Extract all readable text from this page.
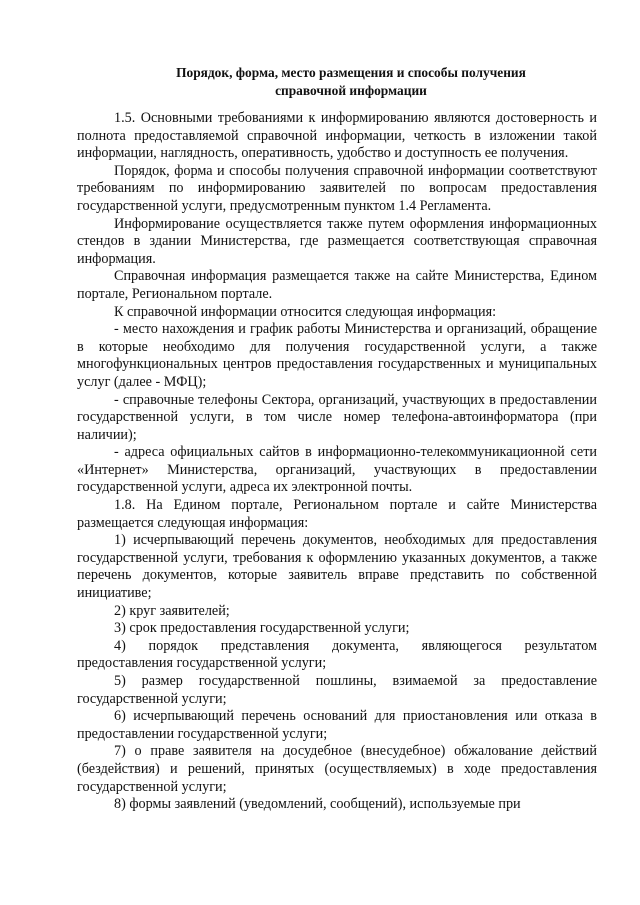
Порядок, форма, место размещения и способы получения
справочной информации

1.5. Основными требованиями к информированию являются достоверность и полнота предоставляемой справочной информации, четкость в изложении такой информации, наглядность, оперативность, удобство и доступность ее получения.

Порядок, форма и способы получения справочной информации соответствуют требованиям по информированию заявителей по вопросам предоставления государственной услуги, предусмотренным пунктом 1.4 Регламента.

Информирование осуществляется также путем оформления информационных стендов в здании Министерства, где размещается соответствующая справочная информация.

Справочная информация размещается также на сайте Министерства, Едином портале, Региональном портале.

К справочной информации относится следующая информация:

- место нахождения и график работы Министерства и организаций, обращение в которые необходимо для получения государственной услуги, а также многофункциональных центров предоставления государственных и муниципальных услуг (далее - МФЦ);

- справочные телефоны Сектора, организаций, участвующих в предоставлении государственной услуги, в том числе номер телефона-автоинформатора (при наличии);

- адреса официальных сайтов в информационно-телекоммуникационной сети «Интернет» Министерства, организаций, участвующих в предоставлении государственной услуги, адреса их электронной почты.

1.8. На Едином портале, Региональном портале и сайте Министерства размещается следующая информация:

1) исчерпывающий перечень документов, необходимых для предоставления государственной услуги, требования к оформлению указанных документов, а также перечень документов, которые заявитель вправе представить по собственной инициативе;

2) круг заявителей;

3) срок предоставления государственной услуги;

4) порядок представления документа, являющегося результатом предоставления государственной услуги;

5) размер государственной пошлины, взимаемой за предоставление государственной услуги;

6) исчерпывающий перечень оснований для приостановления или отказа в предоставлении государственной услуги;

7) о праве заявителя на досудебное (внесудебное) обжалование действий (бездействия) и решений, принятых (осуществляемых) в ходе предоставления государственной услуги;

8) формы заявлений (уведомлений, сообщений), используемые при
